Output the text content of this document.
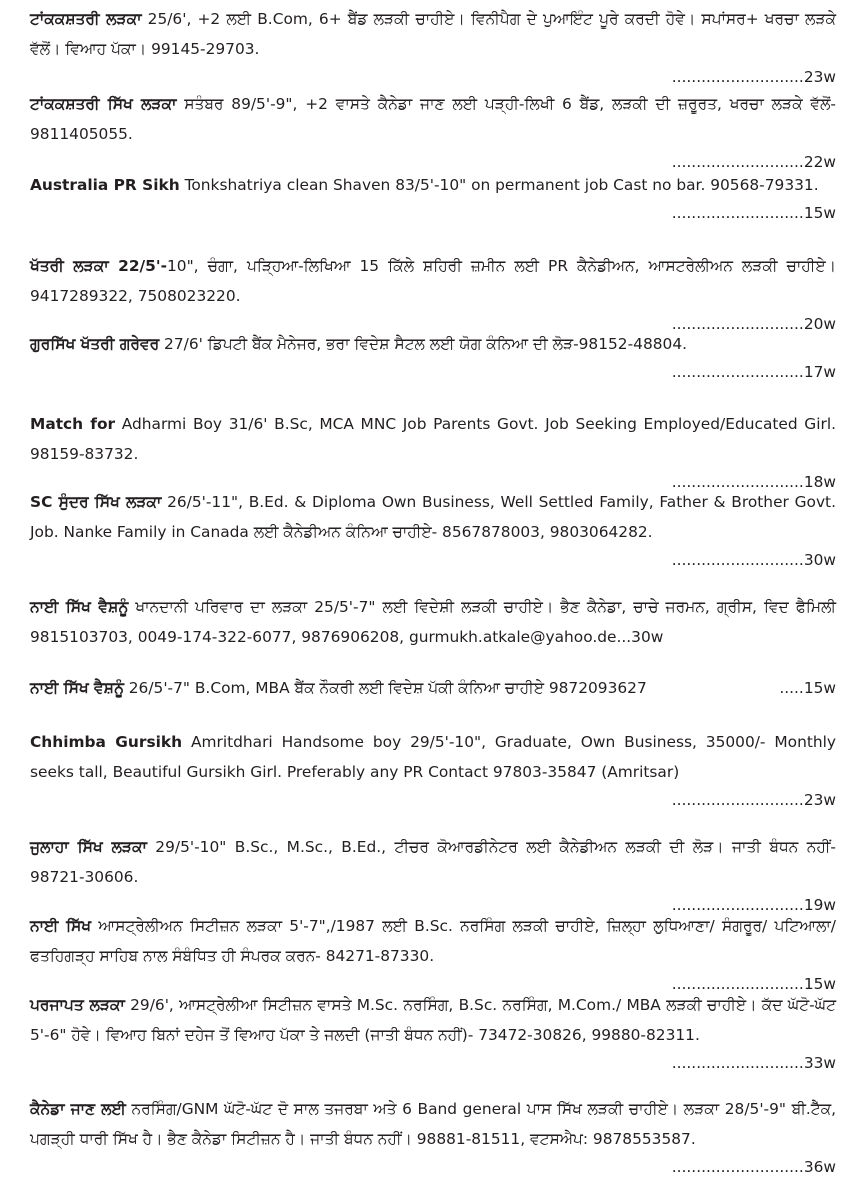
ਟਾਂਕਕਸ਼ਤਰੀ ਲੜਕਾ 25/6', +2 ਲਈ B.Com, 6+ ਬੈਂਡ ਲੜਕੀ ਚਾਹੀਏ। ਵਿਨੀਪੈਗ ਦੇ ਪੁਆਇੰਟ ਪੂਰੇ ਕਰਦੀ ਹੋਵੇ। ਸਪਾਂਸਰ+ ਖਰਚਾ ਲੜਕੇ ਵੱਲੋਂ। ਵਿਆਹ ਪੱਕਾ। 99145-29703.
...........................23w
ਟਾਂਕਕਸ਼ਤਰੀ ਸਿੱਖ ਲੜਕਾ ਸਤੰਬਰ 89/5'-9", +2 ਵਾਸਤੇ ਕੈਨੇਡਾ ਜਾਣ ਲਈ ਪੜ੍ਹੀ-ਲਿਖੀ 6 ਬੈਂਡ, ਲੜਕੀ ਦੀ ਜ਼ਰੂਰਤ, ਖਰਚਾ ਲੜਕੇ ਵੱਲੋਂ- 9811405055.
...........................22w
Australia PR Sikh Tonkshatriya clean Shaven 83/5'-10" on permanent job Cast no bar. 90568-79331.
...........................15w
ਖੱਤਰੀ ਲੜਕਾ 22/5'-10", ਚੰਗਾ, ਪੜ੍ਹਿਆ-ਲਿਖਿਆ 15 ਕਿੱਲੇ ਸ਼ਹਿਰੀ ਜ਼ਮੀਨ ਲਈ PR ਕੈਨੇਡੀਅਨ, ਆਸਟਰੇਲੀਅਨ ਲੜਕੀ ਚਾਹੀਏ। 9417289322, 7508023220.
...........................20w
ਗੁਰਸਿੱਖ ਖੱਤਰੀ ਗਰੇਵਰ 27/6' ਡਿਪਟੀ ਬੈਂਕ ਮੈਨੇਜਰ, ਭਰਾ ਵਿਦੇਸ਼ ਸੈਟਲ ਲਈ ਯੋਗ ਕੰਨਿਆ ਦੀ ਲੋੜ-98152-48804.
...........................17w
Match for Adharmi Boy 31/6' B.Sc, MCA MNC Job Parents Govt. Job Seeking Employed/Educated Girl. 98159-83732.
...........................18w
SC ਸੁੰਦਰ ਸਿੱਖ ਲੜਕਾ 26/5'-11", B.Ed. & Diploma Own Business, Well Settled Family, Father & Brother Govt. Job. Nanke Family in Canada ਲਈ ਕੈਨੇਡੀਅਨ ਕੰਨਿਆ ਚਾਹੀਏ- 8567878003, 9803064282.
...........................30w
ਨਾਈ ਸਿੱਖ ਵੈਸ਼ਨੂੰ ਖਾਨਦਾਨੀ ਪਰਿਵਾਰ ਦਾ ਲੜਕਾ 25/5'-7" ਲਈ ਵਿਦੇਸ਼ੀ ਲੜਕੀ ਚਾਹੀਏ। ਭੈਣ ਕੈਨੇਡਾ, ਚਾਚੇ ਜਰਮਨ, ਗ੍ਰੀਸ, ਵਿਦ ਫੈਮਿਲੀ 9815103703, 0049-174-322-6077, 9876906208, gurmukh.atkale@yahoo.de...30w
ਨਾਈ ਸਿੱਖ ਵੈਸ਼ਨੂੰ 26/5'-7" B.Com, MBA ਬੈਂਕ ਨੌਕਰੀ ਲਈ ਵਿਦੇਸ਼ ਪੱਕੀ ਕੰਨਿਆ ਚਾਹੀਏ 9872093627	.....15w
Chhimba Gursikh Amritdhari Handsome boy 29/5'-10", Graduate, Own Business, 35000/- Monthly seeks tall, Beautiful Gursikh Girl. Preferably any PR Contact 97803-35847 (Amritsar)
...........................23w
ਜੁਲਾਹਾ ਸਿੱਖ ਲੜਕਾ 29/5'-10" B.Sc., M.Sc., B.Ed., ਟੀਚਰ ਕੋਆਰਡੀਨੇਟਰ ਲਈ ਕੈਨੇਡੀਅਨ ਲੜਕੀ ਦੀ ਲੋੜ। ਜਾਤੀ ਬੰਧਨ ਨਹੀਂ- 98721-30606.
...........................19w
ਨਾਈ ਸਿੱਖ ਆਸਟ੍ਰੇਲੀਅਨ ਸਿਟੀਜ਼ਨ ਲੜਕਾ 5'-7",/1987 ਲਈ B.Sc. ਨਰਸਿੰਗ ਲੜਕੀ ਚਾਹੀਏ, ਜ਼ਿਲ੍ਹਾ ਲੁਧਿਆਣਾ/ ਸੰਗਰੂਰ/ ਪਟਿਆਲਾ/ ਫਤਹਿਗੜ੍ਹ ਸਾਹਿਬ ਨਾਲ ਸੰਬੰਧਿਤ ਹੀ ਸੰਪਰਕ ਕਰਨ- 84271-87330.
...........................15w
ਪਰਜਾਪਤ ਲੜਕਾ 29/6', ਆਸਟ੍ਰੇਲੀਆ ਸਿਟੀਜ਼ਨ ਵਾਸਤੇ M.Sc. ਨਰਸਿੰਗ, B.Sc. ਨਰਸਿੰਗ, M.Com./ MBA ਲੜਕੀ ਚਾਹੀਏ। ਕੱਦ ਘੱਟੋ-ਘੱਟ 5'-6" ਹੋਵੇ। ਵਿਆਹ ਬਿਨਾਂ ਦਹੇਜ ਤੋਂ ਵਿਆਹ ਪੱਕਾ ਤੇ ਜਲਦੀ (ਜਾਤੀ ਬੰਧਨ ਨਹੀਂ)- 73472-30826, 99880-82311.
...........................33w
ਕੈਨੇਡਾ ਜਾਣ ਲਈ ਨਰਸਿੰਗ/GNM ਘੱਟੋ-ਘੱਟ ਦੋ ਸਾਲ ਤਜਰਬਾ ਅਤੇ 6 Band general ਪਾਸ ਸਿੱਖ ਲੜਕੀ ਚਾਹੀਏ। ਲੜਕਾ 28/5'-9" ਬੀ.ਟੈੱਕ, ਪਗੜ੍ਹੀ ਧਾਰੀ ਸਿੱਖ ਹੈ। ਭੈਣ ਕੈਨੇਡਾ ਸਿਟੀਜ਼ਨ ਹੈ। ਜਾਤੀ ਬੰਧਨ ਨਹੀਂ। 98881-81511, ਵਟਸਐਪ: 9878553587.
...........................36w
